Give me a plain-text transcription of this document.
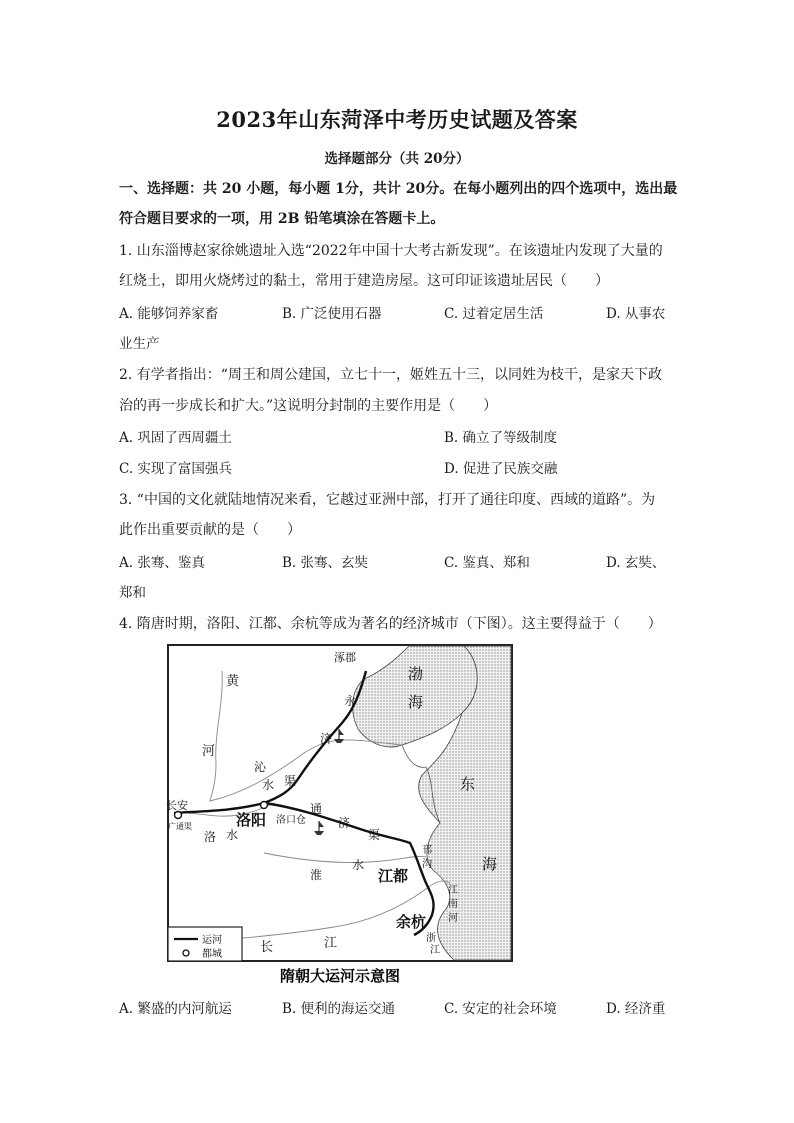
2023年山东菏泽中考历史试题及答案
选择题部分（共 20分）
一、选择题：共 20 小题，每小题 1分，共计 20分。在每小题列出的四个选项中，选出最
符合题目要求的一项，用 2B 铅笔填涂在答题卡上。
1. 山东淄博赵家徐姚遗址入选“2022年中国十大考古新发现”。在该遗址内发现了大量的
红烧土，即用火烧烤过的黏土，常用于建造房屋。这可印证该遗址居民（　　）
A. 能够饲养家畜	B. 广泛使用石器	C. 过着定居生活	D. 从事农
业生产
2. 有学者指出：“周王和周公建国，立七十一，姬姓五十三，以同姓为枝干，是家天下政
治的再一步成长和扩大。”这说明分封制的主要作用是（　　）
A. 巩固了西周疆土	B. 确立了等级制度
C. 实现了富国强兵	D. 促进了民族交融
3. “中国的文化就陆地情况来看，它越过亚洲中部，打开了通往印度、西域的道路”。为
此作出重要贡献的是（　　）
A. 张骞、鉴真	B. 张骞、玄奘	C. 鉴真、郑和	D. 玄奘、
郑和
4. 隋唐时期，洛阳、江都、余杭等成为著名的经济城市（下图）。这主要得益于（　　）
涿郡
渤
海
东
海
黄
河
永
济
渠
沁
水
通
济
渠
长安
广通渠	洛阳 洛口仓
洛 水
淮
水
江都
邗
沟
江
南
河
余杭
浙
江
长	江
运河
都城
隋朝大运河示意图
A. 繁盛的内河航运	B. 便利的海运交通	C. 安定的社会环境	D. 经济重
